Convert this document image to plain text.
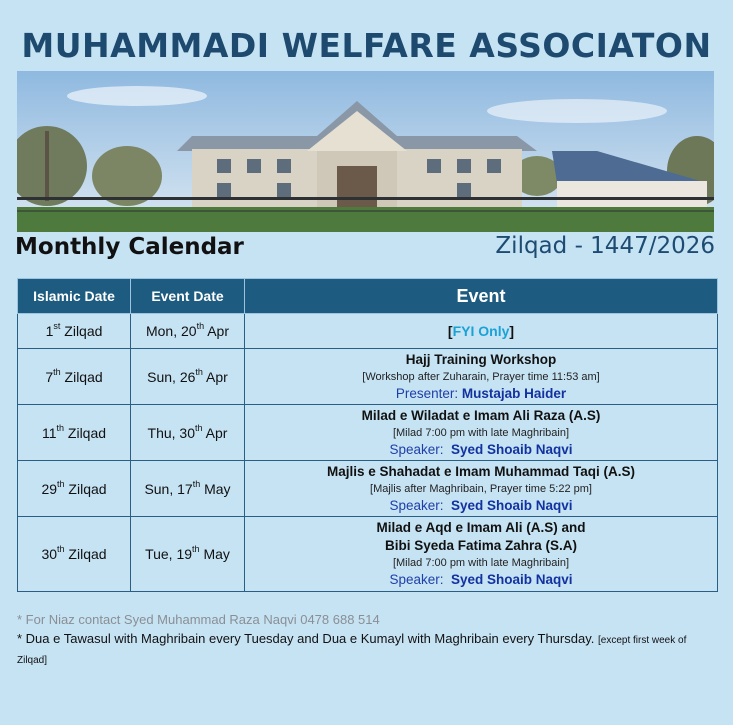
MUHAMMADI WELFARE ASSOCIATON
Monthly Calendar	Zilqad - 1447/2026
Islamic Date	Event Date	Event
1st Zilqad	Mon, 20th Apr	[FYI Only]
7th Zilqad	Sun, 26th Apr	Hajj Training Workshop
[Workshop after Zuharain, Prayer time 11:53 am]
Presenter: Mustajab Haider

11th Zilqad	Thu, 30th Apr	Milad e Wiladat e Imam Ali Raza (A.S)
[Milad 7:00 pm with late Maghribain]
Speaker: Syed Shoaib Naqvi

29th Zilqad	Sun, 17th May	Majlis e Shahadat e Imam Muhammad Taqi (A.S)
[Majlis after Maghribain, Prayer time 5:22 pm]
Speaker: Syed Shoaib Naqvi

30th Zilqad	Tue, 19th May	Milad e Aqd e Imam Ali (A.S) and
Bibi Syeda Fatima Zahra (S.A)
[Milad 7:00 pm with late Maghribain]
Speaker: Syed Shoaib Naqvi
* For Niaz contact Syed Muhammad Raza Naqvi 0478 688 514
* Dua e Tawasul with Maghribain every Tuesday and Dua e Kumayl with Maghribain every Thursday. [except first week of Zilqad]
